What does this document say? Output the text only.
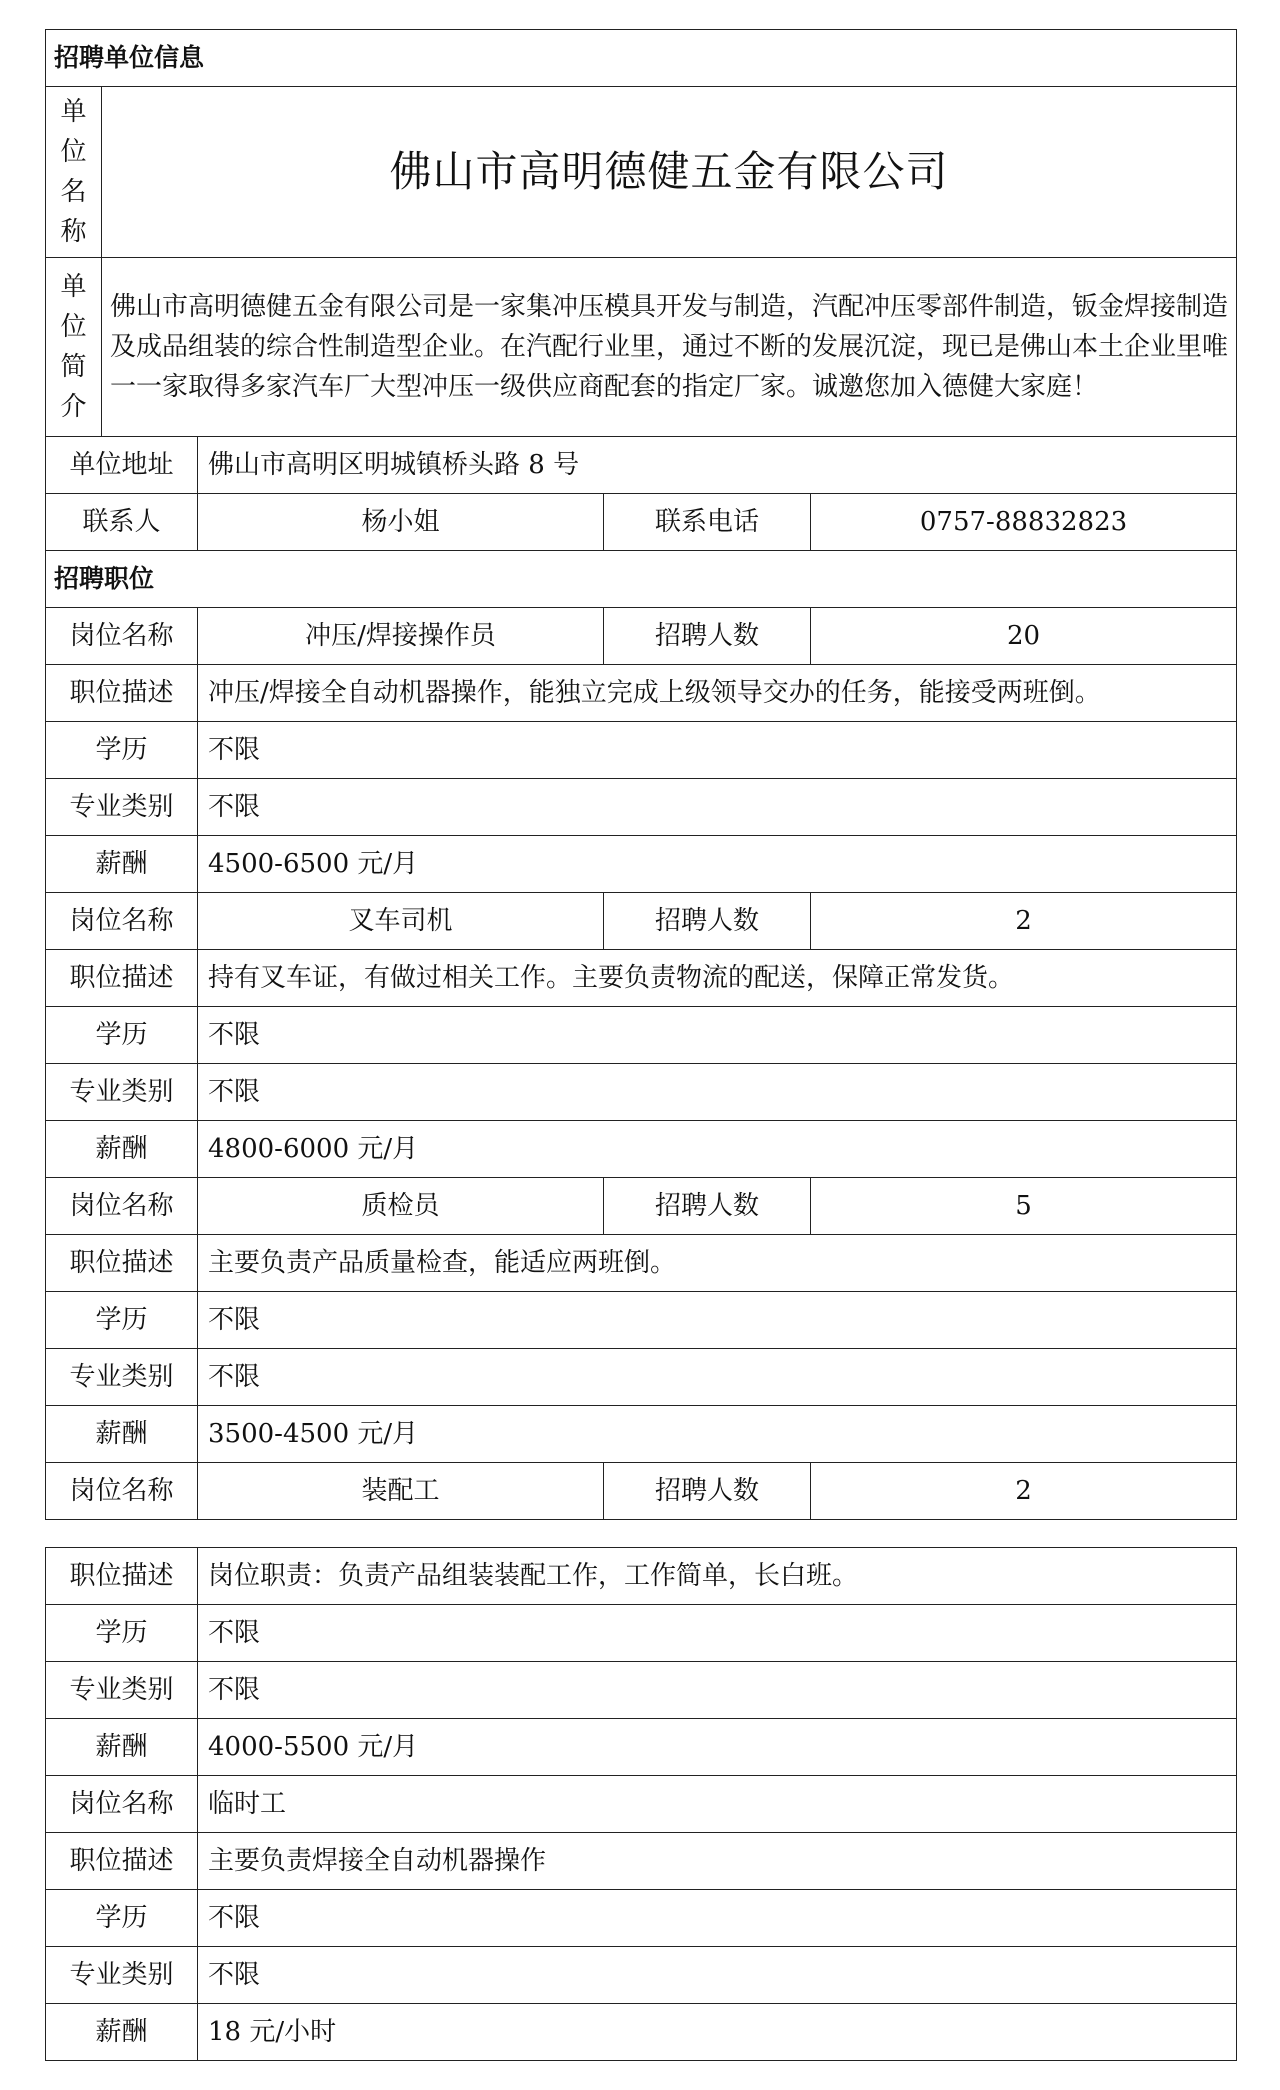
招聘单位信息				
单
位
名
称	佛山市高明德健五金有限公司			
单
位
简
介	佛山市高明德健五金有限公司是一家集冲压模具开发与制造，汽配冲压零部件制造，钣金焊接制造及成品组装的综合性制造型企业。在汽配行业里，通过不断的发展沉淀，现已是佛山本土企业里唯一一家取得多家汽车厂大型冲压一级供应商配套的指定厂家。诚邀您加入德健大家庭！			
单位地址		佛山市高明区明城镇桥头路 8 号		
联系人		杨小姐	联系电话	0757-88832823
招聘职位				
岗位名称		冲压/焊接操作员	招聘人数	20
职位描述		冲压/焊接全自动机器操作，能独立完成上级领导交办的任务，能接受两班倒。		
学历		不限		
专业类别		不限		
薪酬		4500-6500 元/月		
岗位名称		叉车司机	招聘人数	2
职位描述		持有叉车证，有做过相关工作。主要负责物流的配送，保障正常发货。		
学历		不限		
专业类别		不限		
薪酬		4800-6000 元/月		
岗位名称		质检员	招聘人数	5
职位描述		主要负责产品质量检查，能适应两班倒。		
学历		不限		
专业类别		不限		
薪酬		3500-4500 元/月		
岗位名称		装配工	招聘人数	2
职位描述	岗位职责：负责产品组装装配工作，工作简单，长白班。
学历	不限
专业类别	不限
薪酬	4000-5500 元/月
岗位名称	临时工
职位描述	主要负责焊接全自动机器操作
学历	不限
专业类别	不限
薪酬	18 元/小时
